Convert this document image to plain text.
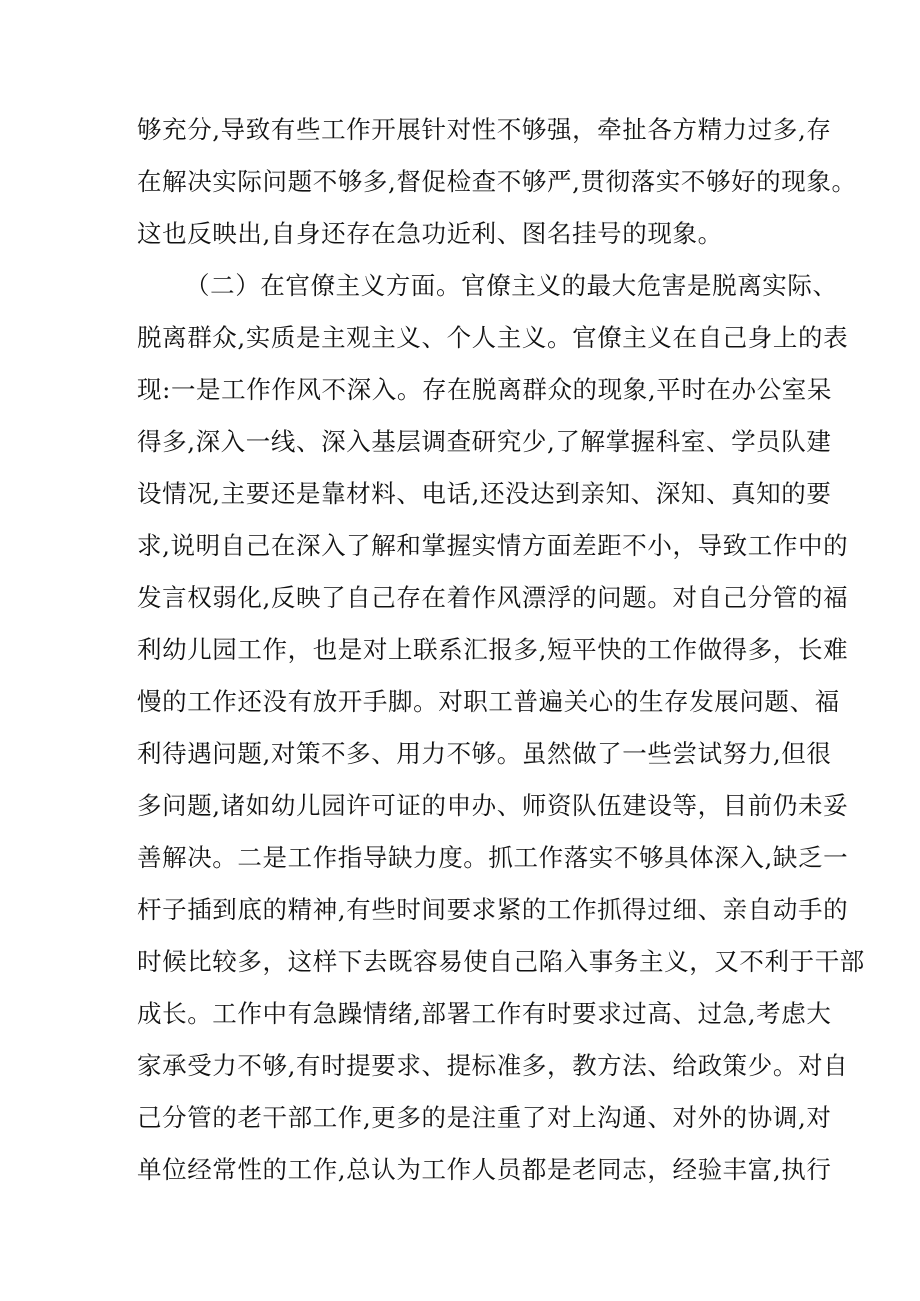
够充分,导致有些工作开展针对性不够强，牵扯各方精力过多,存
在解决实际问题不够多,督促检查不够严,贯彻落实不够好的现象。
这也反映出,自身还存在急功近利、图名挂号的现象。
（二）在官僚主义方面。官僚主义的最大危害是脱离实际、
脱离群众,实质是主观主义、个人主义。官僚主义在自己身上的表
现:一是工作作风不深入。存在脱离群众的现象,平时在办公室呆
得多,深入一线、深入基层调查研究少,了解掌握科室、学员队建
设情况,主要还是靠材料、电话,还没达到亲知、深知、真知的要
求,说明自己在深入了解和掌握实情方面差距不小，导致工作中的
发言权弱化,反映了自己存在着作风漂浮的问题。对自己分管的福
利幼儿园工作，也是对上联系汇报多,短平快的工作做得多，长难
慢的工作还没有放开手脚。对职工普遍关心的生存发展问题、福
利待遇问题,对策不多、用力不够。虽然做了一些尝试努力,但很
多问题,诸如幼儿园许可证的申办、师资队伍建设等，目前仍未妥
善解决。二是工作指导缺力度。抓工作落实不够具体深入,缺乏一
杆子插到底的精神,有些时间要求紧的工作抓得过细、亲自动手的
时候比较多，这样下去既容易使自己陷入事务主义，又不利于干部
成长。工作中有急躁情绪,部署工作有时要求过高、过急,考虑大
家承受力不够,有时提要求、提标准多，教方法、给政策少。对自
己分管的老干部工作,更多的是注重了对上沟通、对外的协调,对
单位经常性的工作,总认为工作人员都是老同志，经验丰富,执行
